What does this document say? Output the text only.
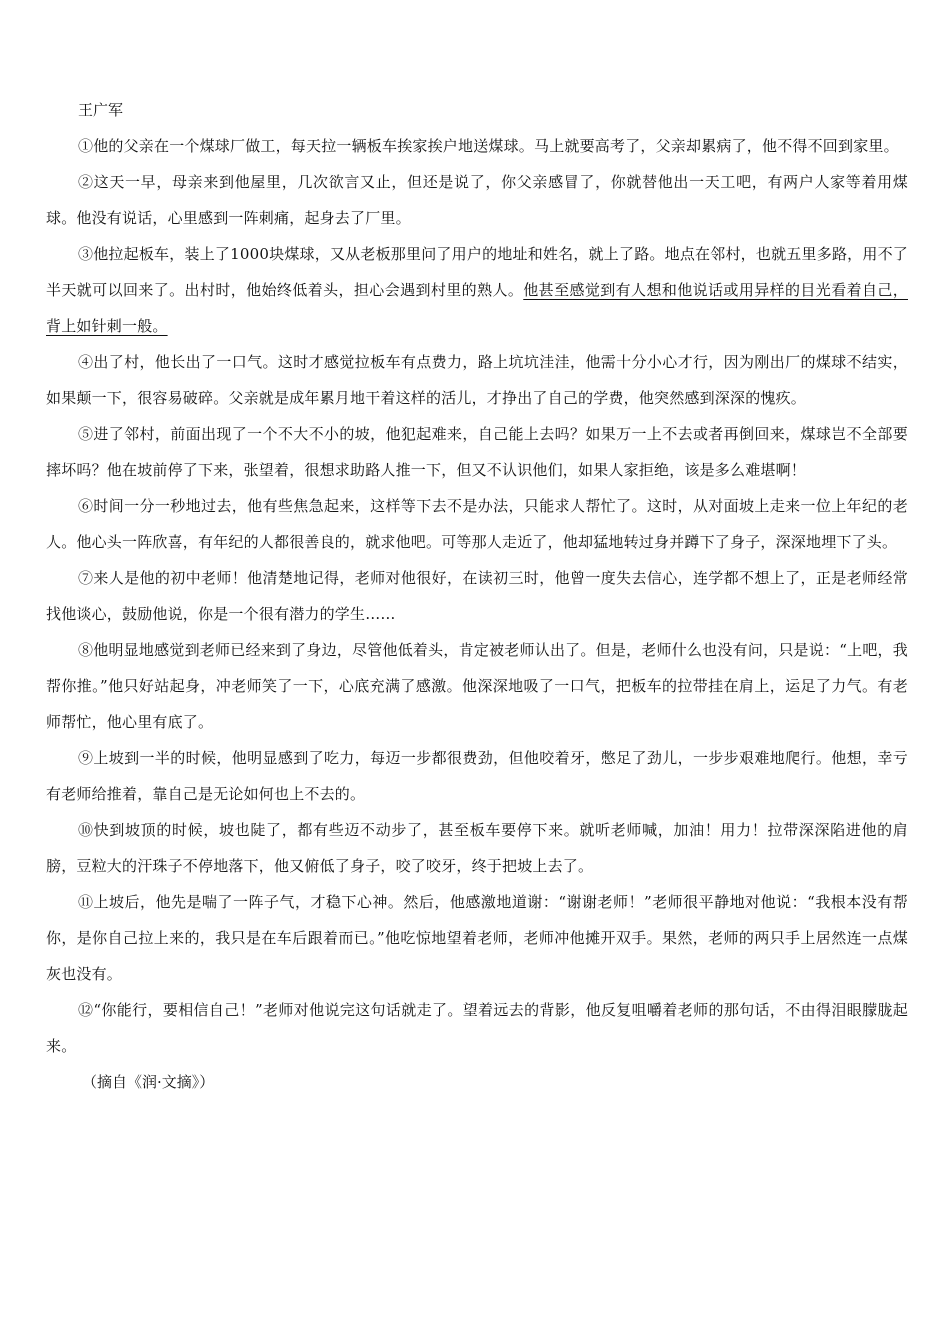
王广军

①他的父亲在一个煤球厂做工，每天拉一辆板车挨家挨户地送煤球。马上就要高考了，父亲却累病了，他不得不回到家里。

②这天一早，母亲来到他屋里，几次欲言又止，但还是说了，你父亲感冒了，你就替他出一天工吧，有两户人家等着用煤球。他没有说话，心里感到一阵刺痛，起身去了厂里。

③他拉起板车，装上了1000块煤球，又从老板那里问了用户的地址和姓名，就上了路。地点在邻村，也就五里多路，用不了半天就可以回来了。出村时，他始终低着头，担心会遇到村里的熟人。他甚至感觉到有人想和他说话或用异样的目光看着自己，背上如针刺一般。

④出了村，他长出了一口气。这时才感觉拉板车有点费力，路上坑坑洼洼，他需十分小心才行，因为刚出厂的煤球不结实，如果颠一下，很容易破碎。父亲就是成年累月地干着这样的活儿，才挣出了自己的学费，他突然感到深深的愧疚。

⑤进了邻村，前面出现了一个不大不小的坡，他犯起难来，自己能上去吗？如果万一上不去或者再倒回来，煤球岂不全部要摔坏吗？他在坡前停了下来，张望着，很想求助路人推一下，但又不认识他们，如果人家拒绝，该是多么难堪啊！

⑥时间一分一秒地过去，他有些焦急起来，这样等下去不是办法，只能求人帮忙了。这时，从对面坡上走来一位上年纪的老人。他心头一阵欣喜，有年纪的人都很善良的，就求他吧。可等那人走近了，他却猛地转过身并蹲下了身子，深深地埋下了头。

⑦来人是他的初中老师！他清楚地记得，老师对他很好，在读初三时，他曾一度失去信心，连学都不想上了，正是老师经常找他谈心，鼓励他说，你是一个很有潜力的学生……

⑧他明显地感觉到老师已经来到了身边，尽管他低着头，肯定被老师认出了。但是，老师什么也没有问，只是说：“上吧，我帮你推。”他只好站起身，冲老师笑了一下，心底充满了感激。他深深地吸了一口气，把板车的拉带挂在肩上，运足了力气。有老师帮忙，他心里有底了。

⑨上坡到一半的时候，他明显感到了吃力，每迈一步都很费劲，但他咬着牙，憋足了劲儿，一步步艰难地爬行。他想，幸亏有老师给推着，靠自己是无论如何也上不去的。

⑩快到坡顶的时候，坡也陡了，都有些迈不动步了，甚至板车要停下来。就听老师喊，加油！用力！拉带深深陷进他的肩膀，豆粒大的汗珠子不停地落下，他又俯低了身子，咬了咬牙，终于把坡上去了。

⑪上坡后，他先是喘了一阵子气，才稳下心神。然后，他感激地道谢：“谢谢老师！”老师很平静地对他说：“我根本没有帮你，是你自己拉上来的，我只是在车后跟着而已。”他吃惊地望着老师，老师冲他摊开双手。果然，老师的两只手上居然连一点煤灰也没有。

⑫“你能行，要相信自己！”老师对他说完这句话就走了。望着远去的背影，他反复咀嚼着老师的那句话，不由得泪眼朦胧起来。

（摘自《润·文摘》）
